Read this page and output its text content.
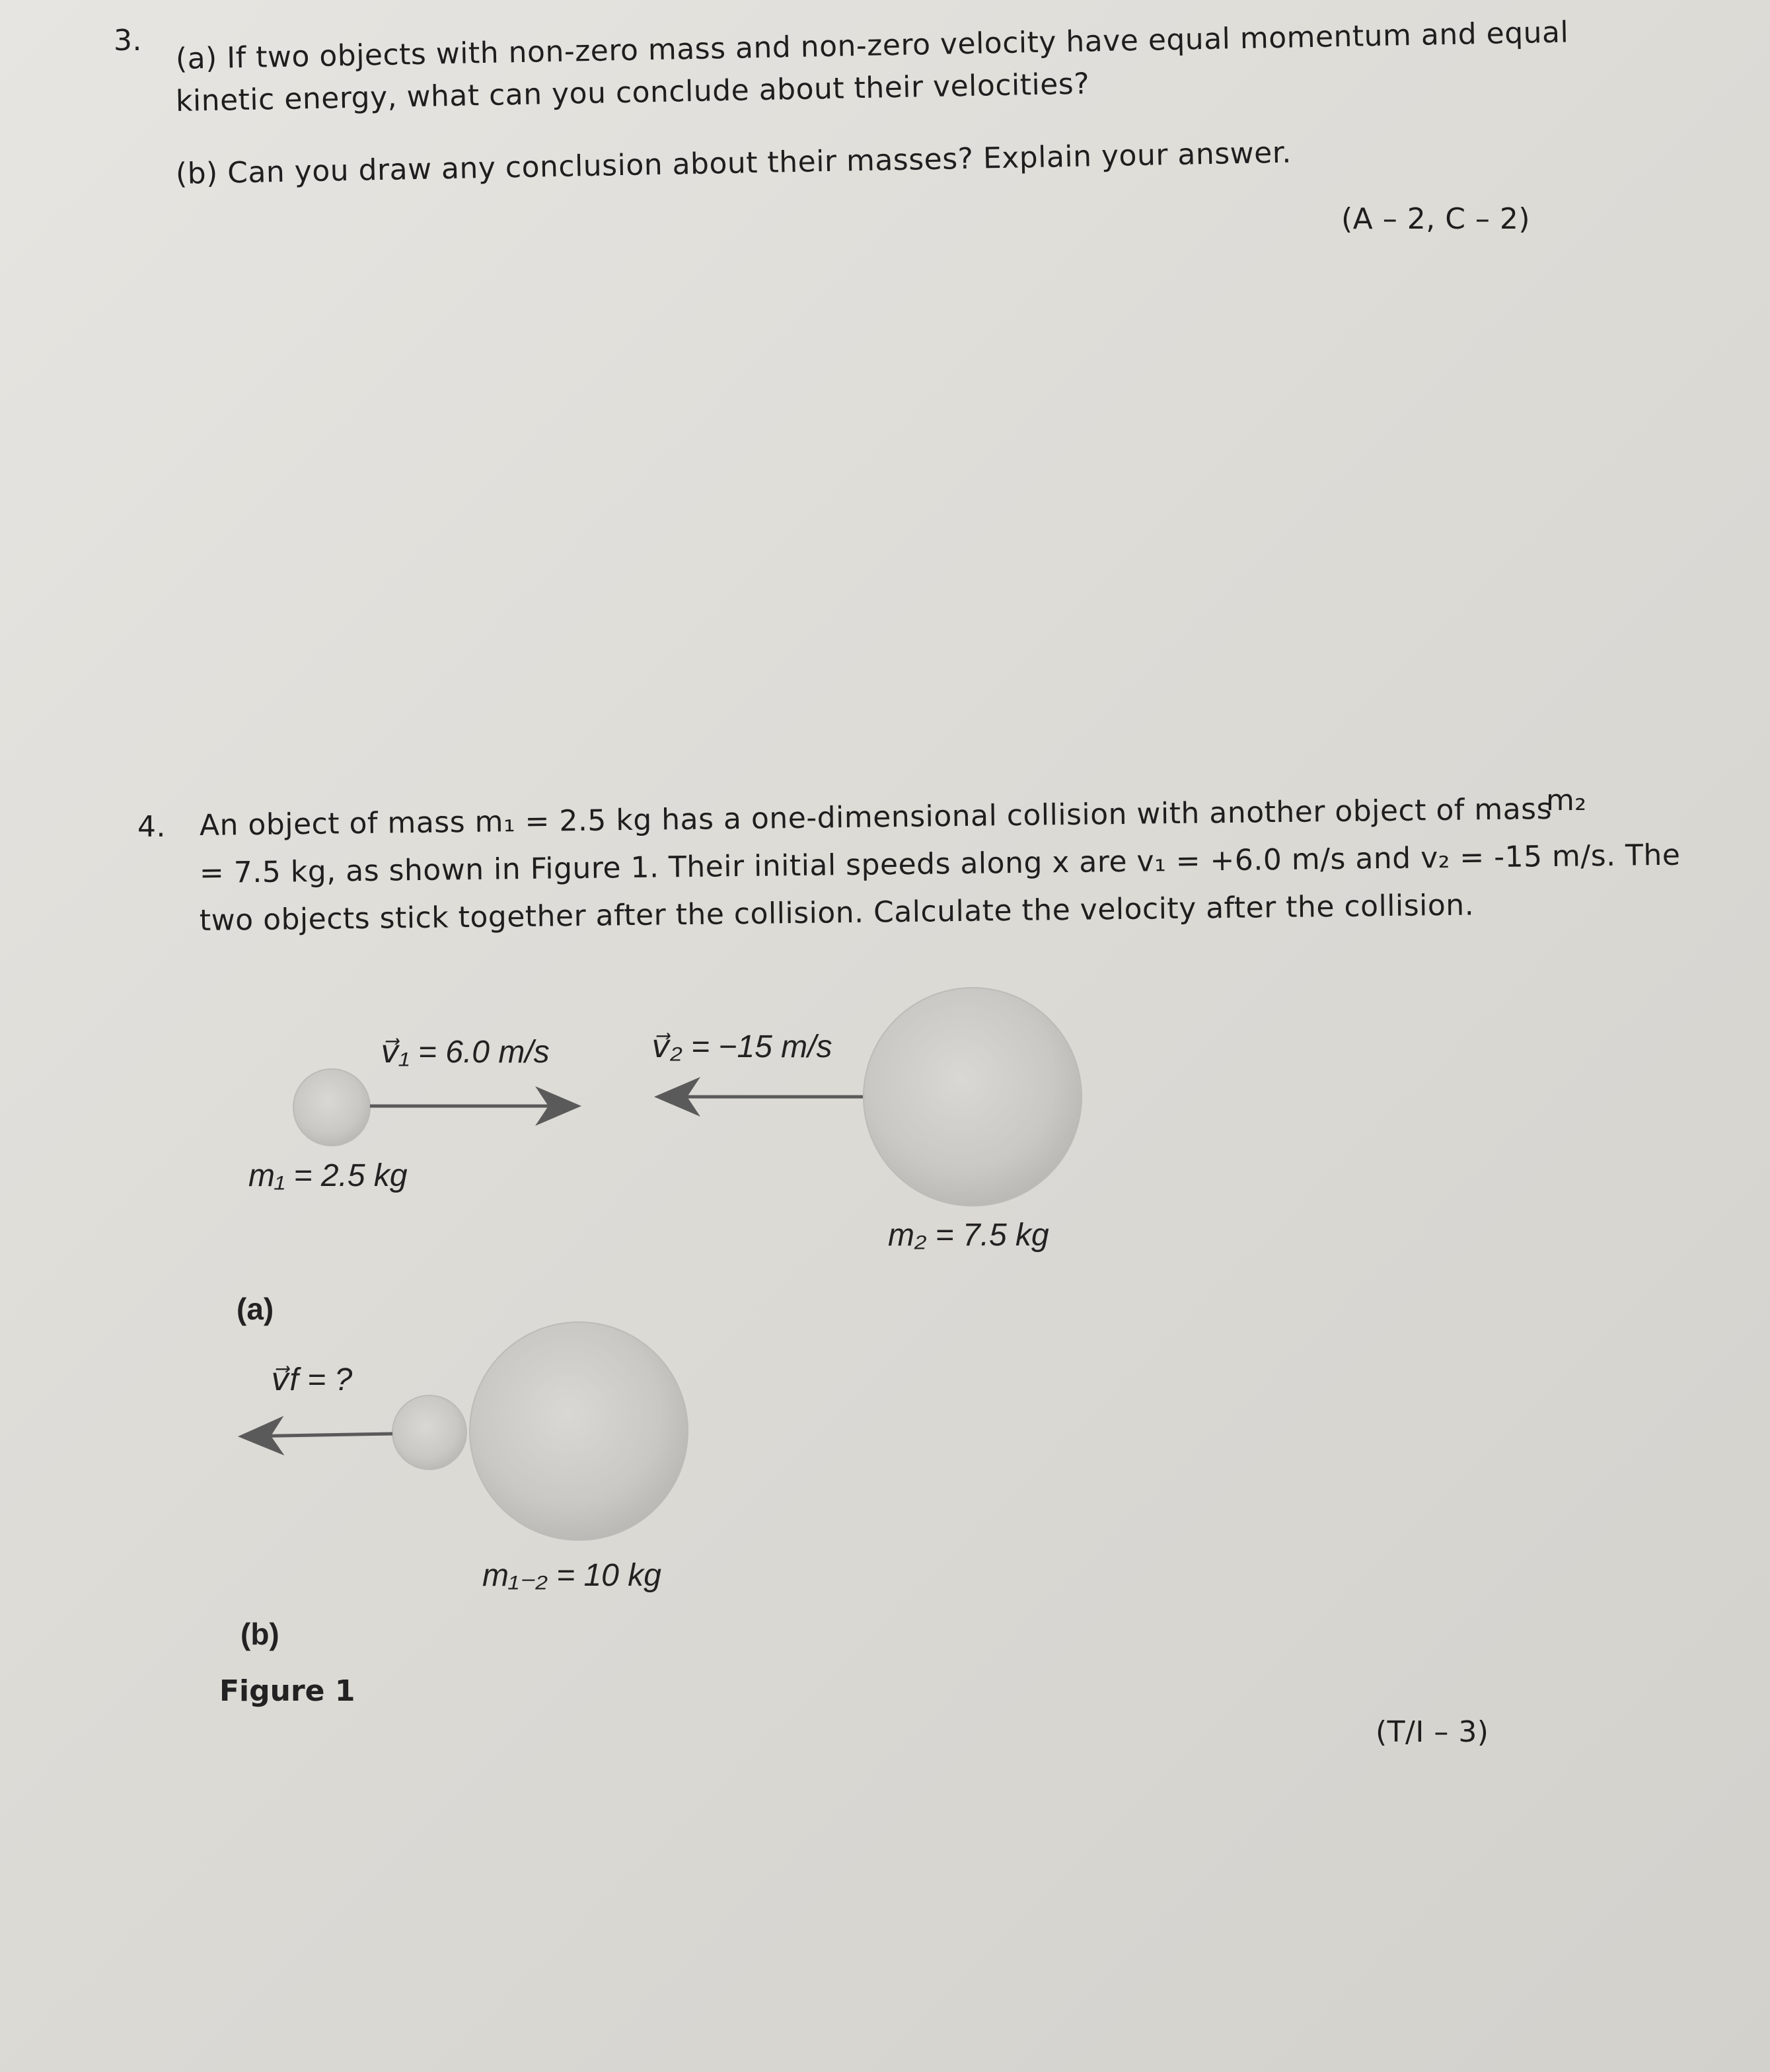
3. (a) If two objects with non-zero mass and non-zero velocity have equal momentum and equal
kinetic energy, what can you conclude about their velocities?
(b) Can you draw any conclusion about their masses? Explain your answer.
(A – 2, C – 2)
4. An object of mass m₁ = 2.5 kg has a one-dimensional collision with another object of mass
m₂
= 7.5 kg, as shown in Figure 1. Their initial speeds along x are v₁ = +6.0 m/s and v₂ = -15 m/s. The
two objects stick together after the collision. Calculate the velocity after the collision.
v⃗₁ = 6.0 m/s	v⃗₂ = −15 m/s
m₁ = 2.5 kg
m₂ = 7.5 kg
(a)
v⃗f = ?
m₁₋₂ = 10 kg
(b)
Figure 1
(T/I – 3)
